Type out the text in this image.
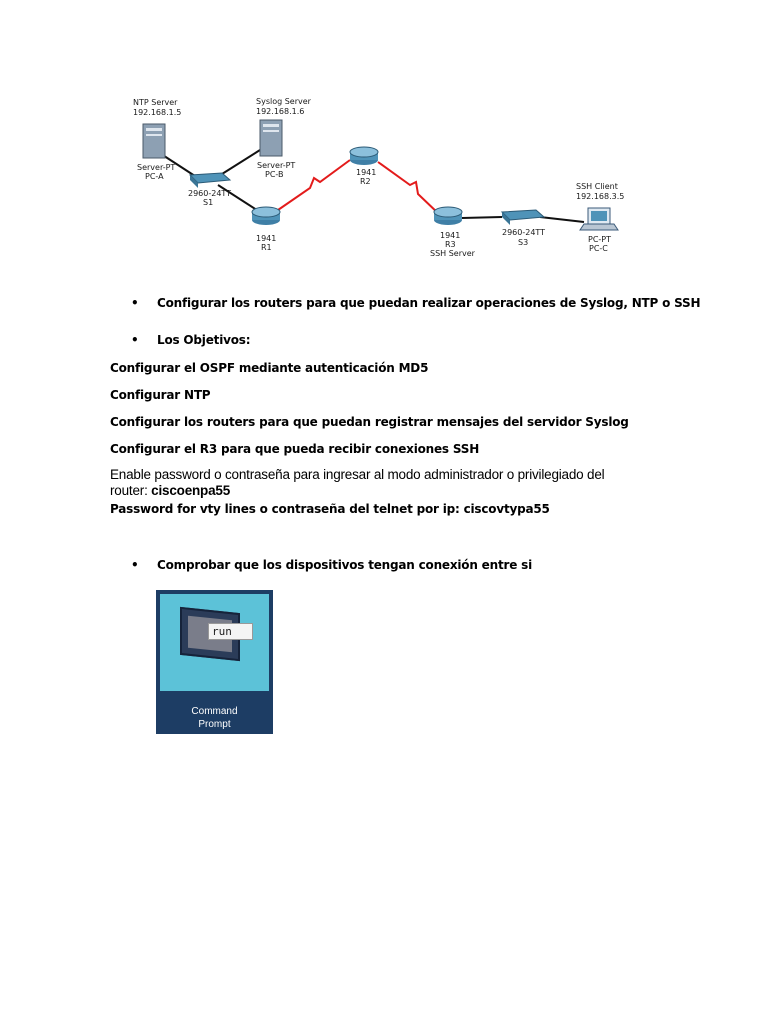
NTP Server
192.168.1.5
Server-PT
PC-A
Syslog Server
192.168.1.6
Server-PT
PC-B
2960-24TT
S1
1941
R1
1941
R2
1941
R3
SSH Server
2960-24TT
S3
SSH Client
192.168.3.5
PC-PT
PC-C
• Configurar los routers para que puedan realizar operaciones de Syslog, NTP o SSH
• Los Objetivos:
Configurar el OSPF mediante autenticación MD5
Configurar NTP
Configurar los routers para que puedan registrar mensajes del servidor Syslog
Configurar el R3 para que pueda recibir conexiones SSH
Enable password o contraseña para ingresar al modo administrador o privilegiado del
router: ciscoenpa55
Password for vty lines o contraseña del telnet por ip: ciscovtypa55
• Comprobar que los dispositivos tengan conexión entre si
run
Command
Prompt
